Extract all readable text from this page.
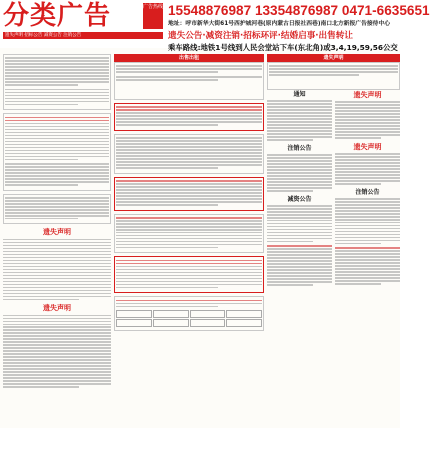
分类广告	广告热线 15548876987 13354876987 0471-6635651
地址：呼市新华大街61号西护城河巷(原内蒙古日报社西巷)南口北方新报广告接待中心
遗失声明 招标公告 减资公告 注销公告	遗失公告·减资注销·招标环评·结婚启事·出售转让
乘车路线:地铁1号线到人民会堂站下车(东北角)或3,4,19,59,56公交
遗失声明
遗失声明
出售出租	遗失声明
通知
注销公告
减资公告
遗失声明
遗失声明
注销公告
